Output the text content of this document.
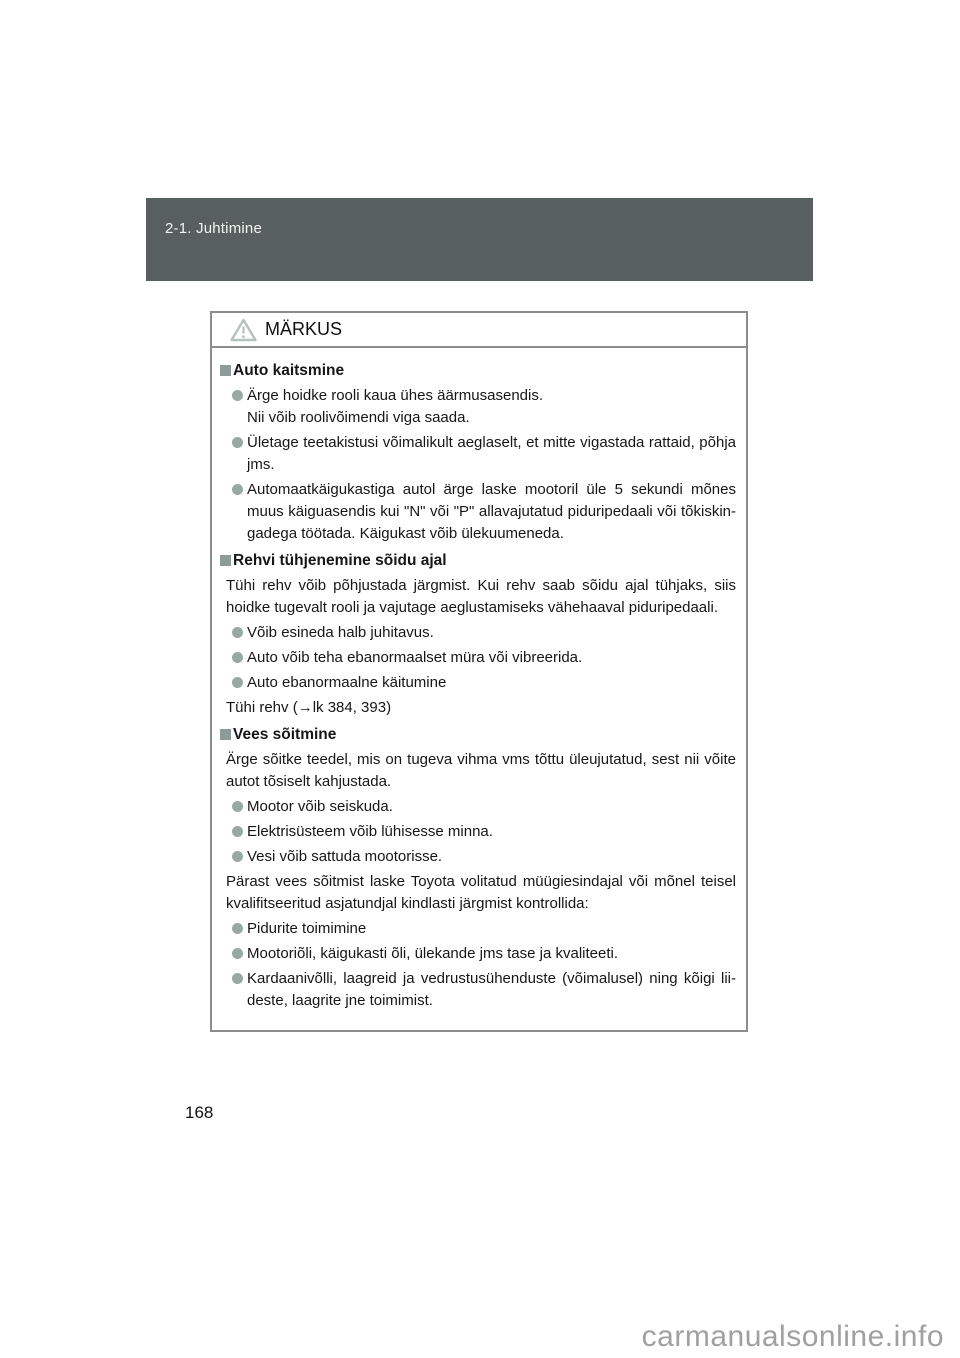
2-1. Juhtimine
MÄRKUS
Auto kaitsmine
Ärge hoidke rooli kaua ühes äärmusasendis.
Nii võib roolivõimendi viga saada.
Ületage teetakistusi võimalikult aeglaselt, et mitte vigastada rattaid, põhja jms.
Automaatkäigukastiga autol ärge laske mootoril üle 5 sekundi mõnes muus käiguasendis kui "N" või "P" allavajutatud piduripedaali või tõkiskingadega töötada. Käigukast võib ülekuumeneda.
Rehvi tühjenemine sõidu ajal
Tühi rehv võib põhjustada järgmist. Kui rehv saab sõidu ajal tühjaks, siis hoidke tugevalt rooli ja vajutage aeglustamiseks vähehaaval piduripedaali.
Võib esineda halb juhitavus.
Auto võib teha ebanormaalset müra või vibreerida.
Auto ebanormaalne käitumine
Tühi rehv (→lk 384, 393)
Vees sõitmine
Ärge sõitke teedel, mis on tugeva vihma vms tõttu üleujutatud, sest nii võite autot tõsiselt kahjustada.
Mootor võib seiskuda.
Elektrisüsteem võib lühisesse minna.
Vesi võib sattuda mootorisse.
Pärast vees sõitmist laske Toyota volitatud müügiesindajal või mõnel teisel kvalifitseeritud asjatundjal kindlasti järgmist kontrollida:
Pidurite toimimine
Mootoriõli, käigukasti õli, ülekande jms tase ja kvaliteeti.
Kardaanivõlli, laagreid ja vedrustusühenduste (võimalusel) ning kõigi liideste, laagrite jne toimimist.
168
carmanualsonline.info
